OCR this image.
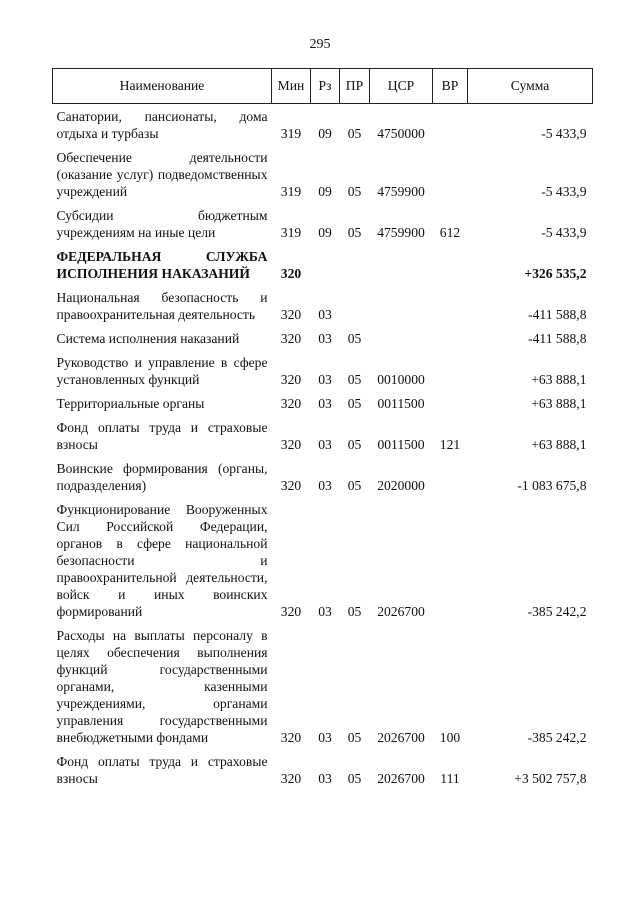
295
Наименование	Мин	Рз	ПР	ЦСР	ВР	Сумма
Санатории, пансионаты, дома отдыха и турбазы	319	09	05	4750000		-5 433,9
Обеспечение деятельности (оказание услуг) подведомственных учреждений	319	09	05	4759900		-5 433,9
Субсидии бюджетным учреждениям на иные цели	319	09	05	4759900	612	-5 433,9
ФЕДЕРАЛЬНАЯ СЛУЖБА ИСПОЛНЕНИЯ НАКАЗАНИЙ	320					+326 535,2
Национальная безопасность и правоохранительная деятельность	320	03				-411 588,8
Система исполнения наказаний	320	03	05			-411 588,8
Руководство и управление в сфере установленных функций	320	03	05	0010000		+63 888,1
Территориальные органы	320	03	05	0011500		+63 888,1
Фонд оплаты труда и страховые взносы	320	03	05	0011500	121	+63 888,1
Воинские формирования (органы, подразделения)	320	03	05	2020000		-1 083 675,8
Функционирование Вооруженных Сил Российской Федерации, органов в сфере национальной безопасности и правоохранительной деятельности, войск и иных воинских формирований	320	03	05	2026700		-385 242,2
Расходы на выплаты персоналу в целях обеспечения выполнения функций государственными органами, казенными учреждениями, органами управления государственными внебюджетными фондами	320	03	05	2026700	100	-385 242,2
Фонд оплаты труда и страховые взносы	320	03	05	2026700	111	+3 502 757,8
